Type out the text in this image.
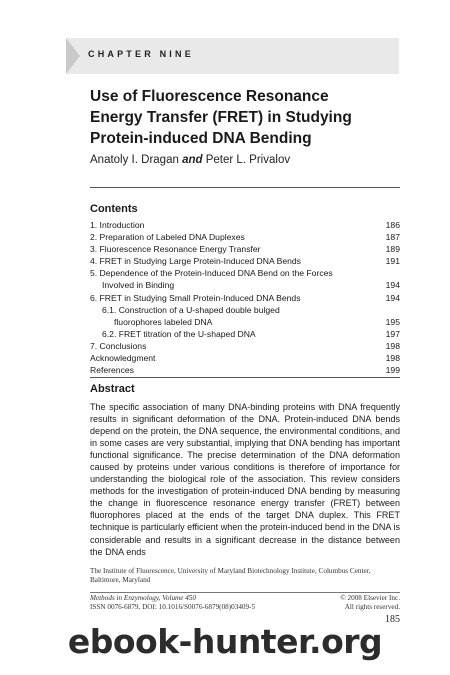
CHAPTER NINE
Use of Fluorescence Resonance
Energy Transfer (FRET) in Studying
Protein-induced DNA Bending
Anatoly I. Dragan and Peter L. Privalov
Contents
1. Introduction	186
2. Preparation of Labeled DNA Duplexes	187
3. Fluorescence Resonance Energy Transfer	189
4. FRET in Studying Large Protein-Induced DNA Bends	191
5. Dependence of the Protein-Induced DNA Bend on the Forces
Involved in Binding	194
6. FRET in Studying Small Protein-Induced DNA Bends	194
6.1. Construction of a U-shaped double bulged
fluorophores labeled DNA	195
6.2. FRET titration of the U-shaped DNA	197
7. Conclusions	198
Acknowledgment	198
References	199
Abstract
The specific association of many DNA-binding proteins with DNA frequently results in significant deformation of the DNA. Protein-induced DNA bends depend on the protein, the DNA sequence, the environmental conditions, and in some cases are very substantial, implying that DNA bending has important functional significance. The precise determination of the DNA deformation caused by proteins under various conditions is therefore of importance for understanding the biological role of the association. This review considers methods for the investigation of protein-induced DNA bending by measuring the change in fluorescence resonance energy transfer (FRET) between fluorophores placed at the ends of the target DNA duplex. This FRET technique is particularly efficient when the protein-induced bend in the DNA is considerable and results in a significant decrease in the distance between the DNA ends
The Institute of Fluorescence, University of Maryland Biotechnology Institute, Columbus Center, Baltimore, Maryland
Methods in Enzymology, Volume 450	© 2008 Elsevier Inc.
ISSN 0076-6879, DOI: 10.1016/S0076-6879(08)03409-5	All rights reserved.
185
ebook-hunter.org
